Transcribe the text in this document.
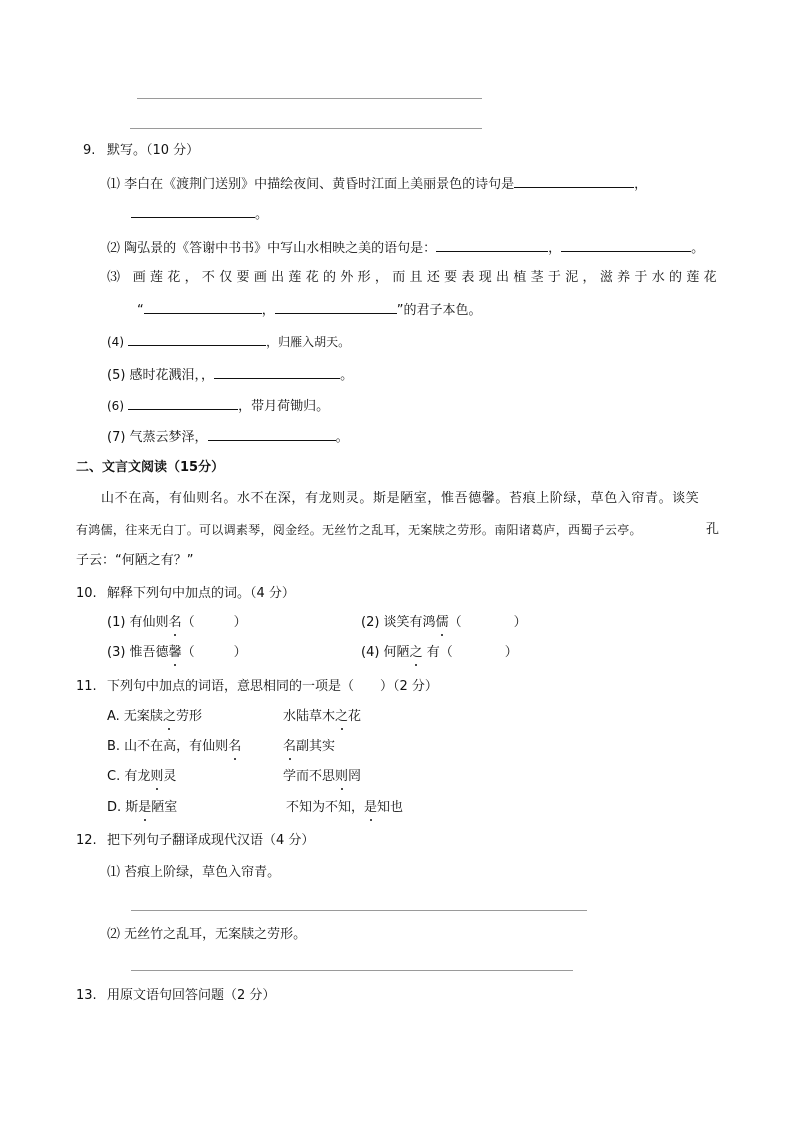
9. 默写。（10 分）
⑴ 李白在《渡荆门送别》中描绘夜间、黄昏时江面上美丽景色的诗句是	，
。
⑵ 陶弘景的《答谢中书书》中写山水相映之美的语句是：	，	。
⑶ 画莲花，不仅要画出莲花的外形，而且还要表现出植茎于泥，滋养于水的莲花
“	，	”的君子本色。
(4)	，归雁入胡天。
(5) 感时花溅泪，，	。
(6)	，带月荷锄归。
(7) 气蒸云梦泽，	。
二、文言文阅读（15分）
山不在高，有仙则名。水不在深，有龙则灵。斯是陋室，惟吾德馨。苔痕上阶绿，草色入帘青。谈笑
有鸿儒，往来无白丁。可以调素琴，阅金经。无丝竹之乱耳，无案牍之劳形。南阳诸葛庐，西蜀子云亭。	孔
子云：“何陋之有？”
10. 解释下列句中加点的词。（4 分）
(1) 有仙则名（　　　）	(2) 谈笑有鸿儒（　　　　）
(3) 惟吾德馨（　　　）	(4) 何陋之 有（　　　　）
11. 下列句中加点的词语，意思相同的一项是（　　）（2 分）
A. 无案牍之劳形	水陆草木之花
B. 山不在高，有仙则名	名副其实
C. 有龙则灵	学而不思则罔
D. 斯是陋室	不知为不知，是知也
12. 把下列句子翻译成现代汉语（4 分）
⑴ 苔痕上阶绿，草色入帘青。
⑵ 无丝竹之乱耳，无案牍之劳形。
13. 用原文语句回答问题（2 分）
